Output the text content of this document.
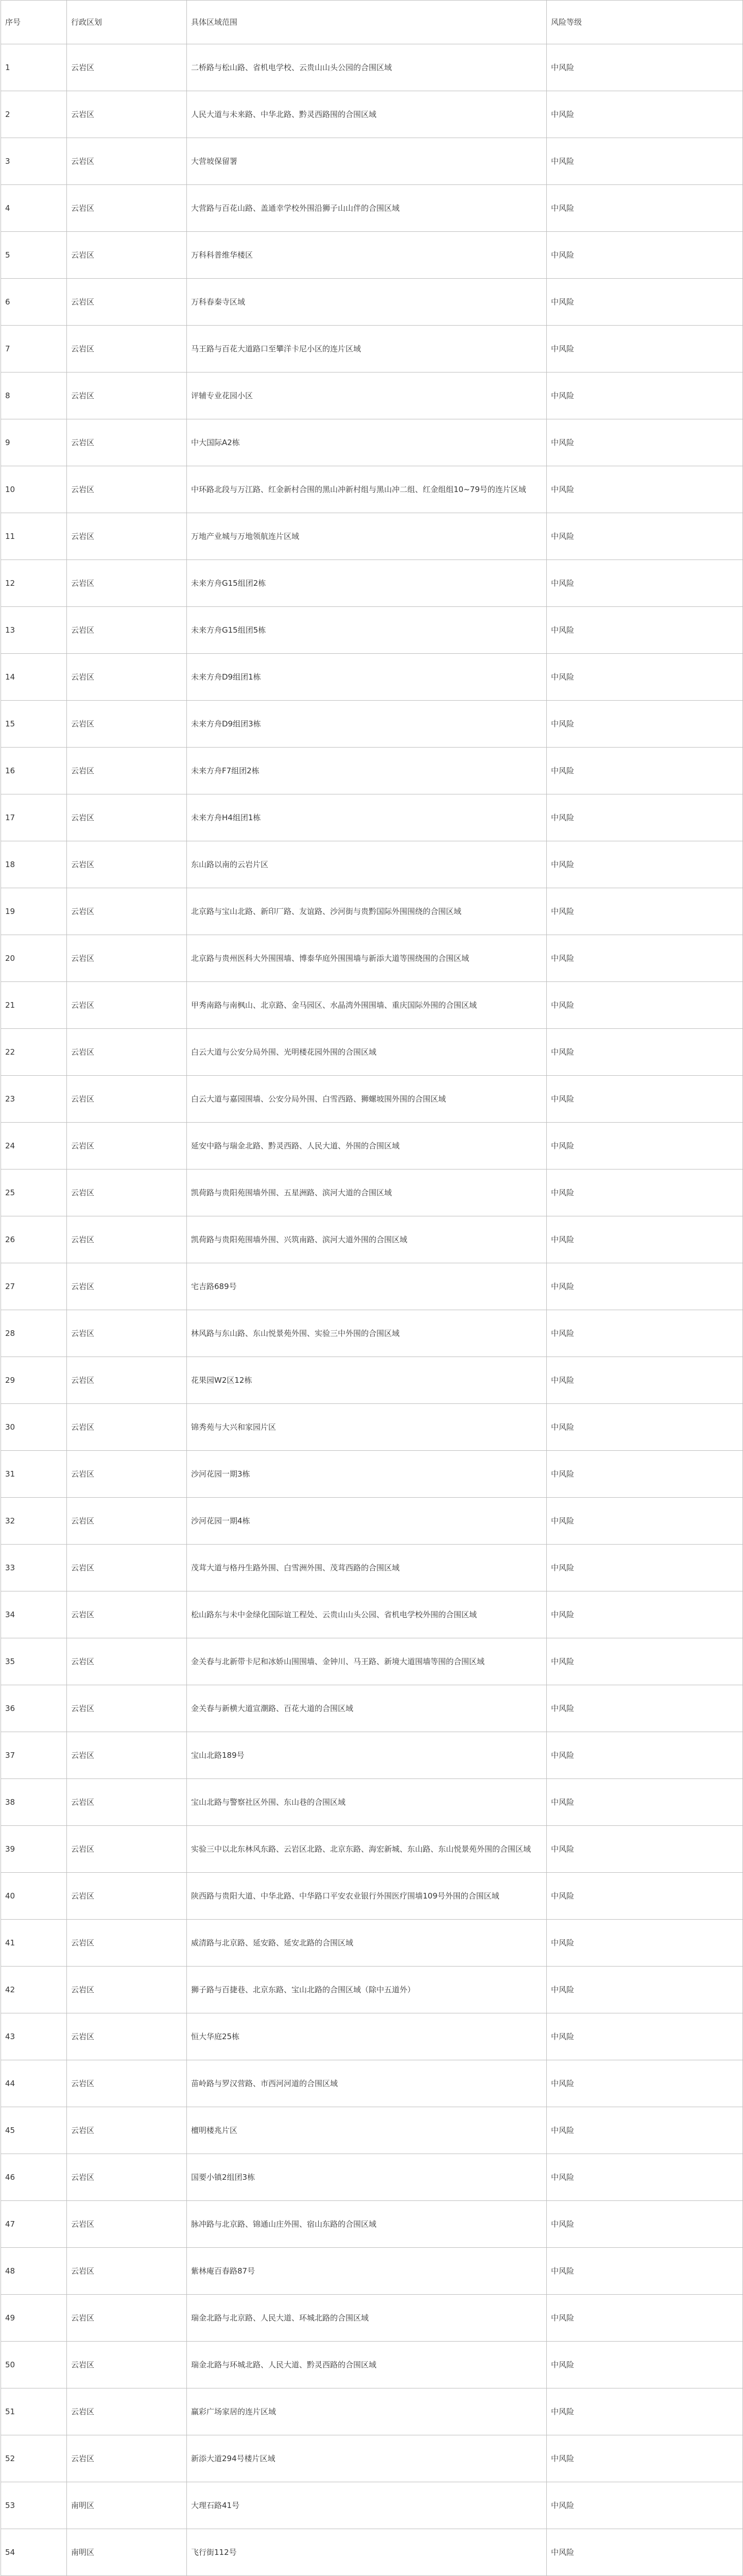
序号	行政区划	具体区域范围	风险等级
1	云岩区	二桥路与松山路、省机电学校、云贵山山头公园的合围区域	中风险
2	云岩区	人民大道与未来路、中华北路、黔灵西路围的合围区域	中风险
3	云岩区	大营坡保留署	中风险
4	云岩区	大营路与百花山路、盖通幸学校外围沿狮子山山伴的合围区域	中风险
5	云岩区	万科科普维华楼区	中风险
6	云岩区	万科春秦寺区域	中风险
7	云岩区	马王路与百花大道路口至攀洋卡尼小区的连片区域	中风险
8	云岩区	评辅专业花园小区	中风险
9	云岩区	中大国际A2栋	中风险
10	云岩区	中环路北段与万江路、红金新村合围的黑山冲新村组与黑山冲二组、红金组组10~79号的连片区域	中风险
11	云岩区	万地产业城与万地领航连片区域	中风险
12	云岩区	未来方舟G15组团2栋	中风险
13	云岩区	未来方舟G15组团5栋	中风险
14	云岩区	未来方舟D9组团1栋	中风险
15	云岩区	未来方舟D9组团3栋	中风险
16	云岩区	未来方舟F7组团2栋	中风险
17	云岩区	未来方舟H4组团1栋	中风险
18	云岩区	东山路以南的云岩片区	中风险
19	云岩区	北京路与宝山北路、新印厂路、友谊路、沙河街与贵黔国际外围围绕的合围区域	中风险
20	云岩区	北京路与贵州医科大外围围墙、博泰华庭外围围墙与新添大道等围绕围的合围区域	中风险
21	云岩区	甲秀南路与南枫山、北京路、金马园区、水晶湾外围围墙、重庆国际外围的合围区域	中风险
22	云岩区	白云大道与公安分局外围、光明楼花园外围的合围区域	中风险
23	云岩区	白云大道与嘉园围墙、公安分局外围、白雪西路、狮螺坡围外围的合围区域	中风险
24	云岩区	延安中路与瑞金北路、黔灵西路、人民大道、外围的合围区域	中风险
25	云岩区	凯荷路与贵阳苑围墙外围、五星洲路、滨河大道的合围区域	中风险
26	云岩区	凯荷路与贵阳苑围墙外围、兴筑南路、滨河大道外围的合围区域	中风险
27	云岩区	宅吉路689号	中风险
28	云岩区	林风路与东山路、东山悦景苑外围、实验三中外围的合围区域	中风险
29	云岩区	花果园W2区12栋	中风险
30	云岩区	锦秀苑与大兴和家园片区	中风险
31	云岩区	沙河花园一期3栋	中风险
32	云岩区	沙河花园一期4栋	中风险
33	云岩区	茂茸大道与格丹生路外围、白雪洲外围、茂茸西路的合围区域	中风险
34	云岩区	松山路东与未中金绿化国际谊工程处、云贵山山头公园、省机电学校外围的合围区域	中风险
35	云岩区	金关春与北新带卡尼和冰娇山围围墙、金钟川、马王路、新境大道围墙等围的合围区域	中风险
36	云岩区	金关春与新横大道宣潮路、百花大道的合围区域	中风险
37	云岩区	宝山北路189号	中风险
38	云岩区	宝山北路与警察社区外围、东山巷的合围区域	中风险
39	云岩区	实验三中以北东林风东路、云岩区北路、北京东路、海宏新城、东山路、东山悦景苑外围的合围区域	中风险
40	云岩区	陕西路与贵阳大道、中华北路、中华路口平安农业银行外围医疗围墙109号外围的合围区域	中风险
41	云岩区	威清路与北京路、延安路、延安北路的合围区域	中风险
42	云岩区	狮子路与百捷巷、北京东路、宝山北路的合围区域（除中五道外）	中风险
43	云岩区	恒大华庭25栋	中风险
44	云岩区	苗岭路与罗汉营路、市西河河道的合围区域	中风险
45	云岩区	檀明楼兆片区	中风险
46	云岩区	国要小镇2组团3栋	中风险
47	云岩区	脉冲路与北京路、锦通山庄外围、宿山东路的合围区域	中风险
48	云岩区	紫林庵百春路87号	中风险
49	云岩区	瑞金北路与北京路、人民大道、环城北路的合围区域	中风险
50	云岩区	瑞金北路与环城北路、人民大道、黔灵西路的合围区域	中风险
51	云岩区	赢彩广场家居的连片区域	中风险
52	云岩区	新添大道294号楼片区域	中风险
53	南明区	大理石路41号	中风险
54	南明区	飞行街112号	中风险
